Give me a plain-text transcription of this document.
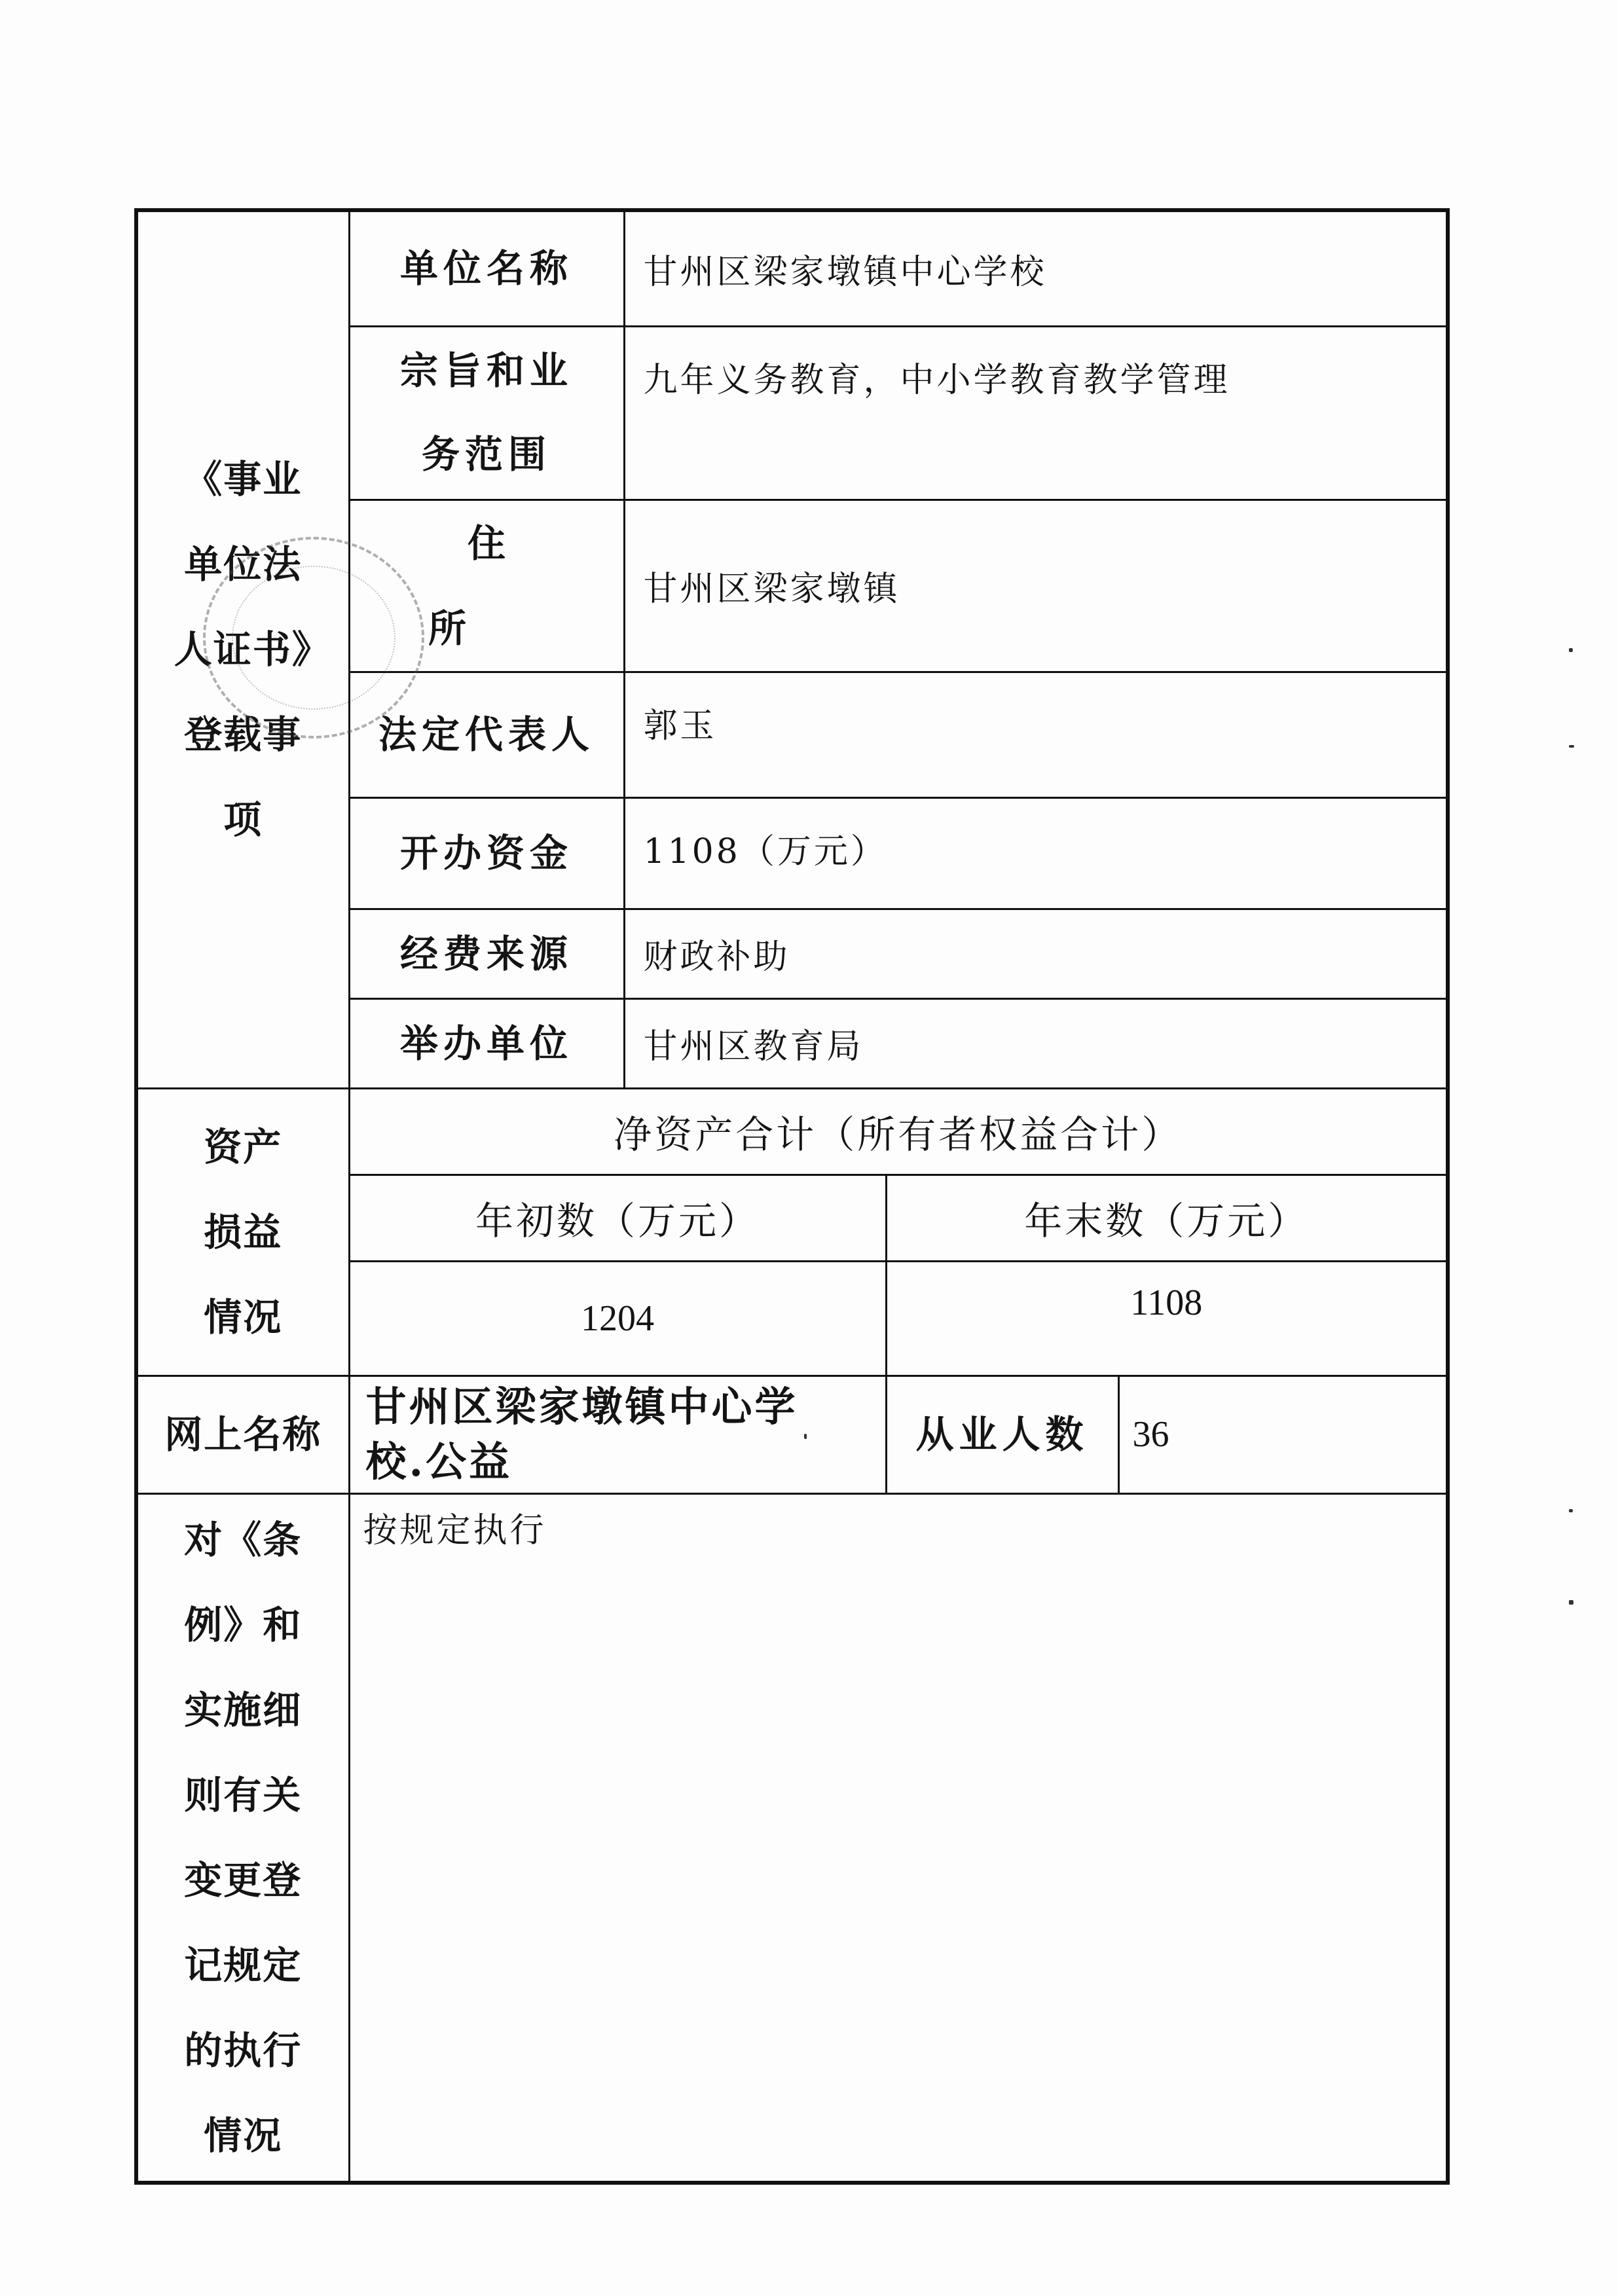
《事业单位法人证书》登载事项	单位名称	甘州区梁家墩镇中心学校		
	宗旨和业务范围	九年义务教育，中小学教育教学管理		
	住所	甘州区梁家墩镇		
	法定代表人	郭玉		
	开办资金	1108（万元）		
	经费来源	财政补助		
	举办单位	甘州区教育局		
资产损益情况	净资产合计（所有者权益合计）			
	年初数（万元）		年末数（万元）	
	1204		1108	
网上名称	甘州区梁家墩镇中心学校.公益		从业人数	36
对《条例》和实施细则有关变更登记规定的执行情况	按规定执行			
